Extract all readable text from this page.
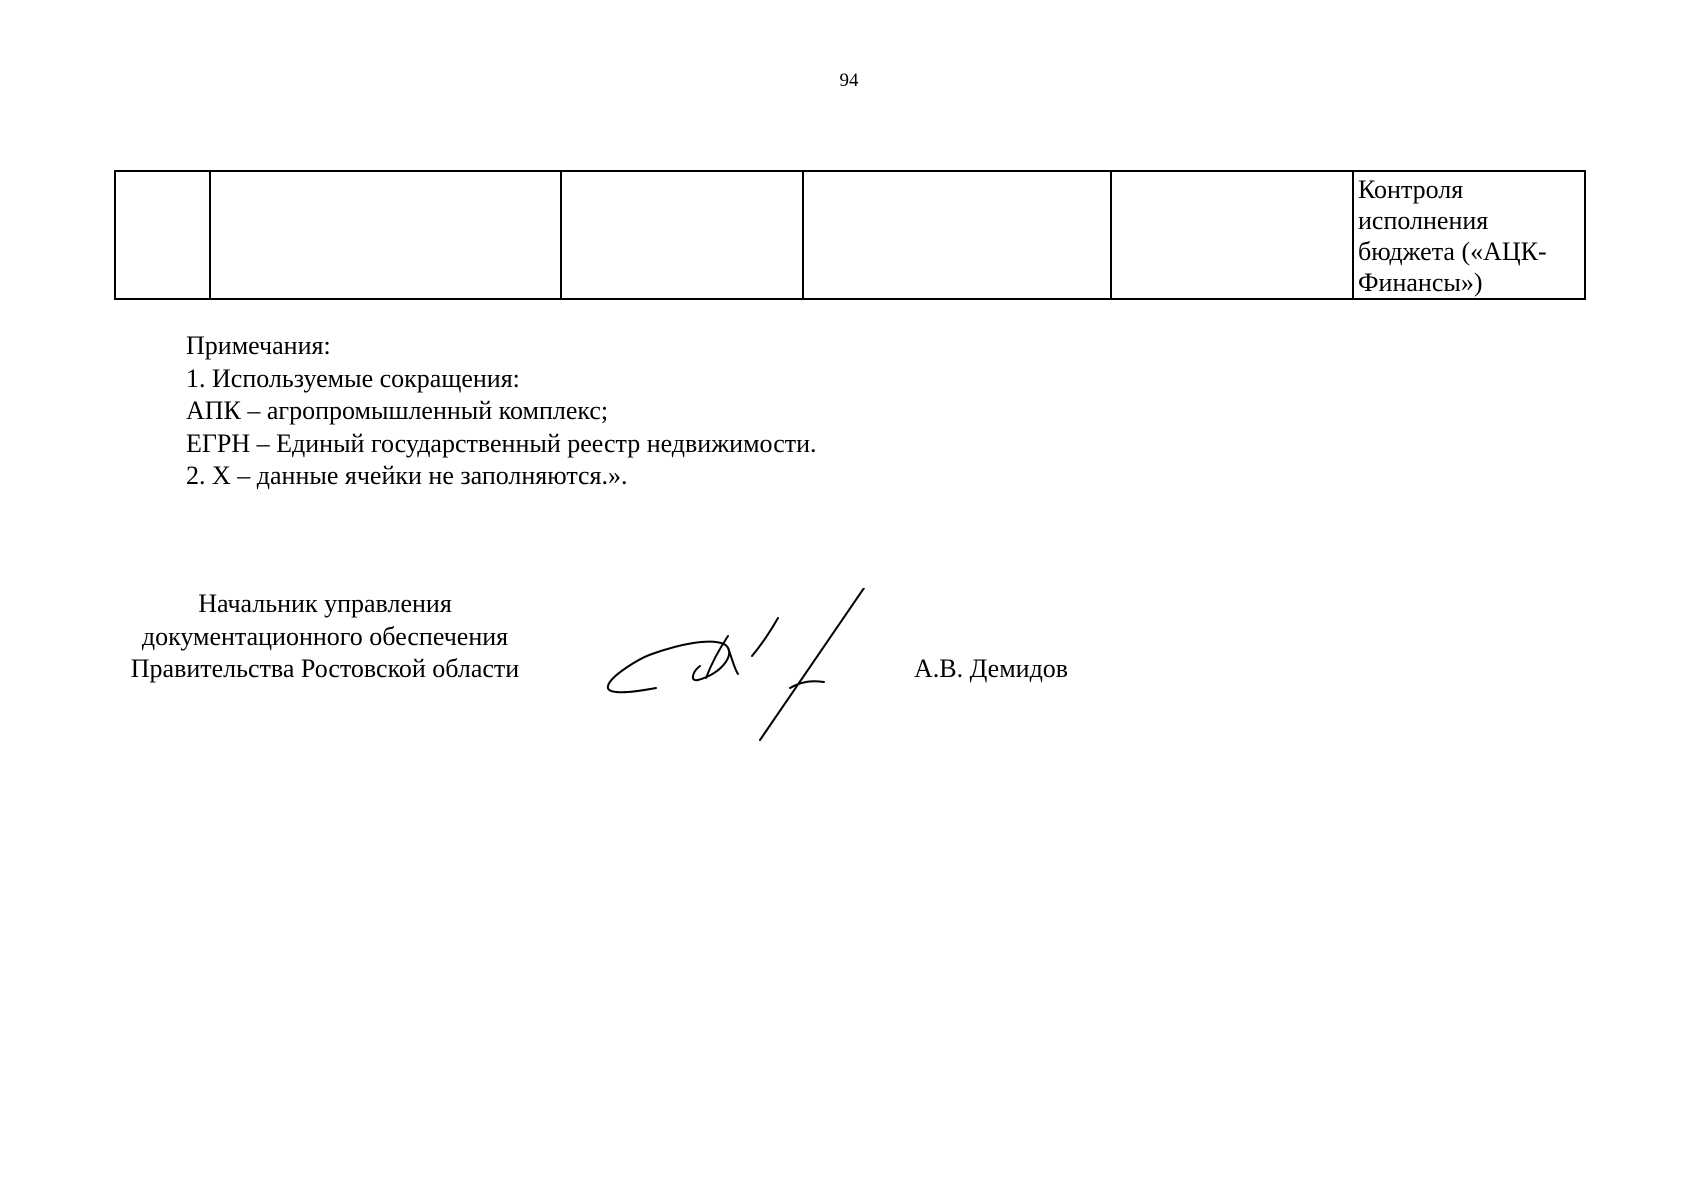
94
					Контроля исполнения бюджета («АЦК-Финансы»)
Примечания:
1. Используемые сокращения:
АПК – агропромышленный комплекс;
ЕГРН – Единый государственный реестр недвижимости.
2. Х – данные ячейки не заполняются.».
Начальник управления
документационного обеспечения
Правительства Ростовской области	А.В. Демидов
